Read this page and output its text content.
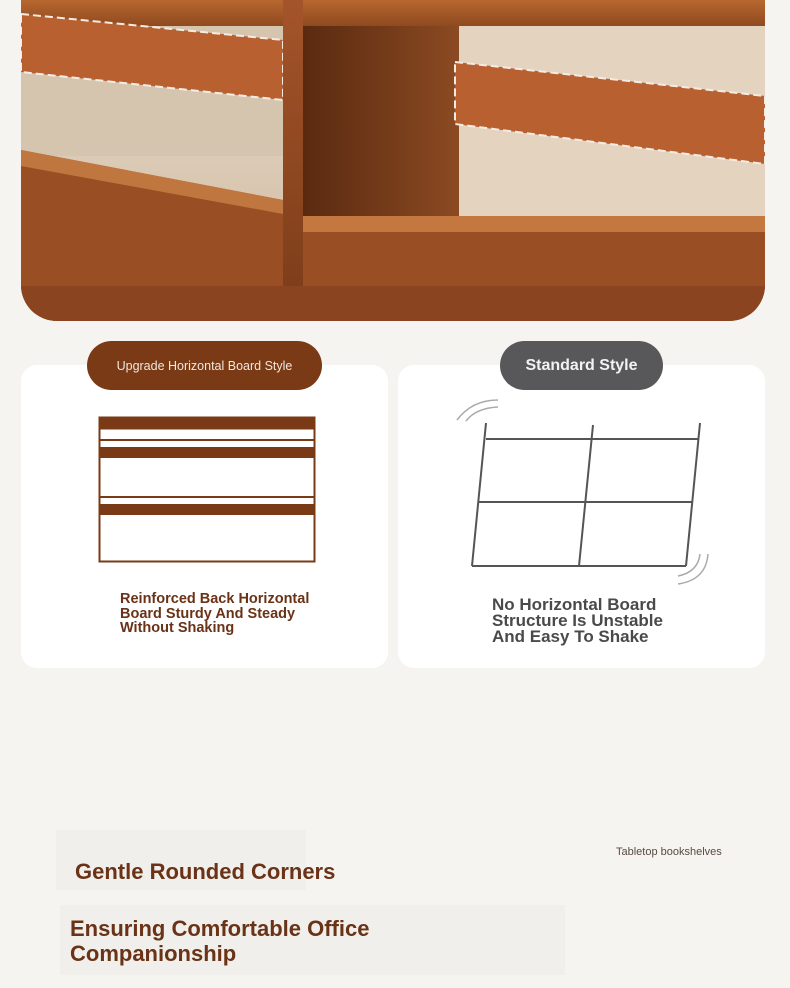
Upgrade Horizontal Board Style	Standard Style
Reinforced Back Horizontal Board Sturdy And Steady Without Shaking
No Horizontal Board Structure Is Unstable And Easy To Shake
Tabletop bookshelves
Gentle Rounded Corners
Ensuring Comfortable Office Companionship
